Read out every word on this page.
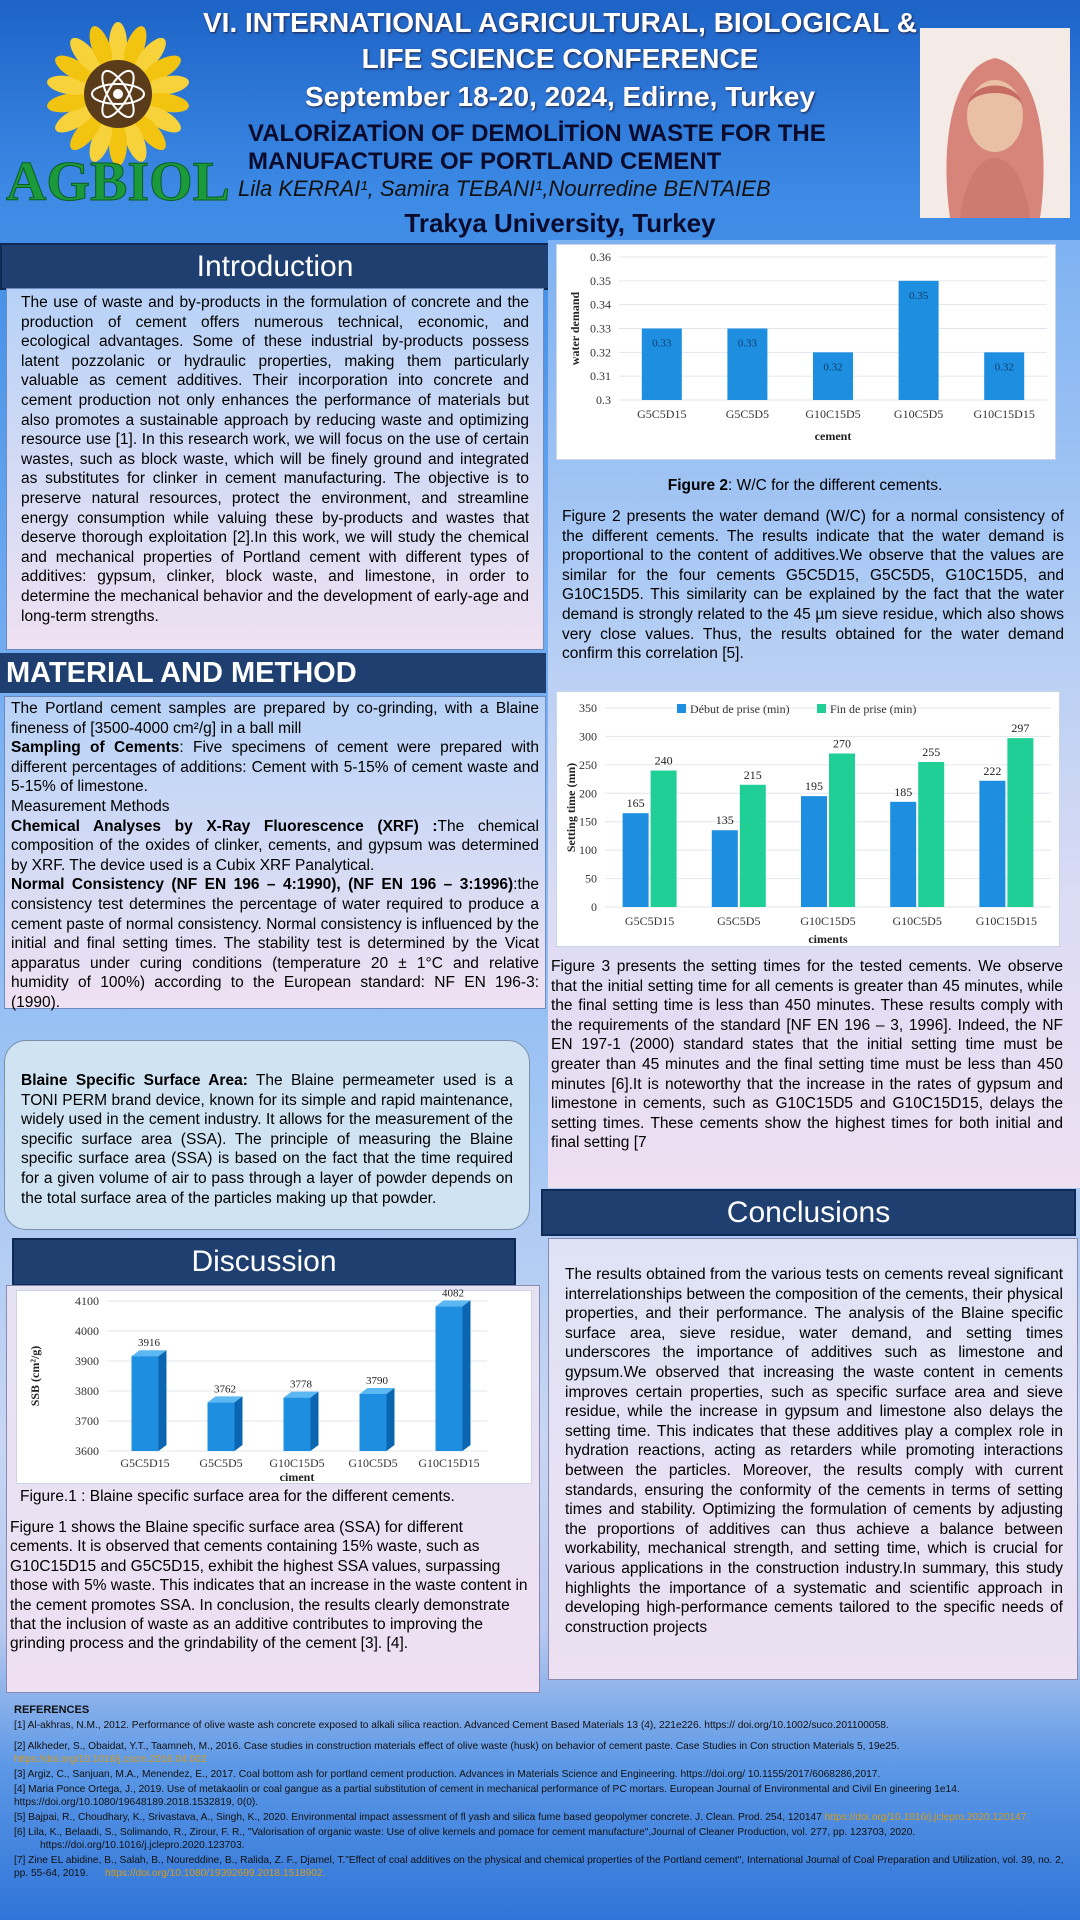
AGBIOL
VI. INTERNATIONAL AGRICULTURAL, BIOLOGICAL &
LIFE SCIENCE CONFERENCE
September 18-20, 2024, Edirne, Turkey
VALORİZATİON OF DEMOLİTİON WASTE FOR THE
MANUFACTURE OF PORTLAND CEMENT
Lila KERRAI¹, Samira TEBANI¹,Nourredine BENTAIEB
Trakya University, Turkey
Introduction

The use of waste and by-products in the formulation of concrete and the production of cement offers numerous technical, economic, and ecological advantages. Some of these industrial by-products possess latent pozzolanic or hydraulic properties, making them particularly valuable as cement additives. Their incorporation into concrete and cement production not only enhances the performance of materials but also promotes a sustainable approach by reducing waste and optimizing resource use [1]. In this research work, we will focus on the use of certain wastes, such as block waste, which will be finely ground and integrated as substitutes for clinker in cement manufacturing. The objective is to preserve natural resources, protect the environment, and streamline energy consumption while valuing these by-products and wastes that deserve thorough exploitation [2].In this work, we will study the chemical and mechanical properties of Portland cement with different types of additives: gypsum, clinker, block waste, and limestone, in order to determine the mechanical behavior and the development of early-age and long-term strengths.

MATERIAL AND METHOD

The Portland cement samples are prepared by co-grinding, with a Blaine fineness of [3500-4000 cm²/g] in a ball mill

Sampling of Cements: Five specimens of cement were prepared with different percentages of additions: Cement with 5-15% of cement waste and 5-15% of limestone.

Measurement Methods

Chemical Analyses by X-Ray Fluorescence (XRF) :The chemical composition of the oxides of clinker, cements, and gypsum was determined by XRF. The device used is a Cubix XRF Panalytical.

Normal Consistency (NF EN 196 – 4:1990), (NF EN 196 – 3:1996):the consistency test determines the percentage of water required to produce a cement paste of normal consistency. Normal consistency is influenced by the initial and final setting times. The stability test is determined by the Vicat apparatus under curing conditions (temperature 20 ± 1°C and relative humidity of 100%) according to the European standard: NF EN 196-3: (1990).

Blaine Specific Surface Area: The Blaine permeameter used is a TONI PERM brand device, known for its simple and rapid maintenance, widely used in the cement industry. It allows for the measurement of the specific surface area (SSA). The principle of measuring the Blaine specific surface area (SSA) is based on the fact that the time required for a given volume of air to pass through a layer of powder depends on the total surface area of the particles making up that powder.

Discussion
3600
3700
3800
3900
4000
4100
3916
3762	3778	3790
4082
G5C5D15 G5C5D5 G10C15D5 G10C5D5 G10C15D15
ciment
SSB (cm²/g)
Figure.1 : Blaine specific surface area for the different cements.
Figure 1 shows the Blaine specific surface area (SSA) for different cements. It is observed that cements containing 15% waste, such as G10C15D15 and G5C5D15, exhibit the highest SSA values, surpassing those with 5% waste. This indicates that an increase in the waste content in the cement promotes SSA. In conclusion, the results clearly demonstrate that the inclusion of waste as an additive contributes to improving the grinding process and the grindability of the cement [3]. [4].
0.3
0.31
0.32
0.33
0.34
0.35
0.36
0.33	0.33
0.32
0.35
0.32
G5C5D15	G5C5D5	G10C15D5	G10C5D5	G10C15D15
cement
water demand
Figure 2: W/C for the different cements.
Figure 2 presents the water demand (W/C) for a normal consistency of the different cements. The results indicate that the water demand is proportional to the content of additives.We observe that the values are similar for the four cements G5C5D15, G5C5D5, G10C15D5, and G10C15D5. This similarity can be explained by the fact that the water demand is strongly related to the 45 µm sieve residue, which also shows very close values. Thus, the results obtained for the water demand confirm this correlation [5].
0
50
100
150
200
250
300
350
165
135
195	185
222
240
215
270
255
297
G5C5D15	G5C5D5	G10C15D5	G10C5D5	G10C15D15
ciments
Setting time (mn)
Début de prise (min)	Fin de prise (min)
Figure 3 presents the setting times for the tested cements. We observe that the initial setting time for all cements is greater than 45 minutes, while the final setting time is less than 450 minutes. These results comply with the requirements of the standard [NF EN 196 – 3, 1996]. Indeed, the NF EN 197-1 (2000) standard states that the initial setting time must be greater than 45 minutes and the final setting time must be less than 450 minutes [6].It is noteworthy that the increase in the rates of gypsum and limestone in cements, such as G10C15D5 and G10C15D15, delays the setting times. These cements show the highest times for both initial and final setting [7
Conclusions

The results obtained from the various tests on cements reveal significant interrelationships between the composition of the cements, their physical properties, and their performance. The analysis of the Blaine specific surface area, sieve residue, water demand, and setting times underscores the importance of additives such as limestone and gypsum.We observed that increasing the waste content in cements improves certain properties, such as specific surface area and sieve residue, while the increase in gypsum and limestone also delays the setting time. This indicates that these additives play a complex role in hydration reactions, acting as retarders while promoting interactions between the particles. Moreover, the results comply with current standards, ensuring the conformity of the cements in terms of setting times and stability. Optimizing the formulation of cements by adjusting the proportions of additives can thus achieve a balance between workability, mechanical strength, and setting time, which is crucial for various applications in the construction industry.In summary, this study highlights the importance of a systematic and scientific approach in developing high-performance cements tailored to the specific needs of construction projects

REFERENCES

[1] Al-akhras, N.M., 2012. Performance of olive waste ash concrete exposed to alkali silica reaction. Advanced Cement Based Materials 13 (4), 221e226. https:// doi.org/10.1002/suco.201100058.

[2] Alkheder, S., Obaidat, Y.T., Taamneh, M., 2016. Case studies in construction materials effect of olive waste (husk) on behavior of cement paste. Case Studies in Con struction Materials 5, 19e25.
https://doi.org/10.1016/j.cscm.2016.04.002

[3] Argiz, C., Sanjuan, M.A., Menendez, E., 2017. Coal bottom ash for portland cement production. Advances in Materials Science and Engineering. https://doi.org/ 10.1155/2017/6068286,2017.

[4] Maria Ponce Ortega, J., 2019. Use of metakaolin or coal gangue as a partial substitution of cement in mechanical performance of PC mortars. European Journal of Environmental and Civil En gineering 1e14. https://doi.org/10.1080/19648189.2018.1532819, 0(0).

[5] Bajpai, R., Choudhary, K., Srivastava, A., Singh, K., 2020. Environmental impact assessment of fl yash and silica fume based geopolymer concrete. J. Clean. Prod. 254, 120147 https://doi.org/10.1016/j.jclepro.2020.120147.

[6] Lila, K., Belaadi, S., Solimando, R., Zirour, F. R., "Valorisation of organic waste: Use of olive kernels and pomace for cement manufacture",Journal of Cleaner Production, vol. 277, pp. 123703, 2020.
https://doi.org/10.1016/j.jclepro.2020.123703.

[7] Zine EL abidine, B., Salah, B., Noureddine, B., Ralida, Z. F., Djamel, T."Effect of coal additives on the physical and chemical properties of the Portland cement", International Journal of Coal Preparation and Utilization, vol. 39, no. 2, pp. 55-64, 2019. https://doi.org/10.1080/19392699.2018.1518902.
